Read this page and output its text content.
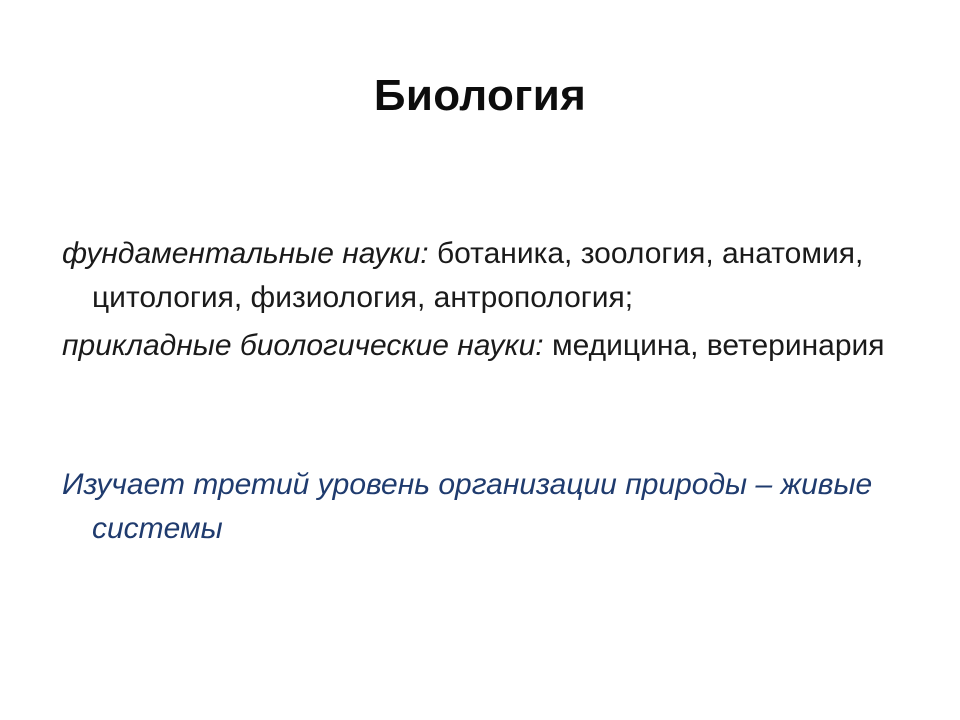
Биология

фундаментальные науки: ботаника, зоология, анатомия, цитология, физиология, антропология;

прикладные биологические науки: медицина, ветеринария

Изучает третий уровень организации природы – живые системы
